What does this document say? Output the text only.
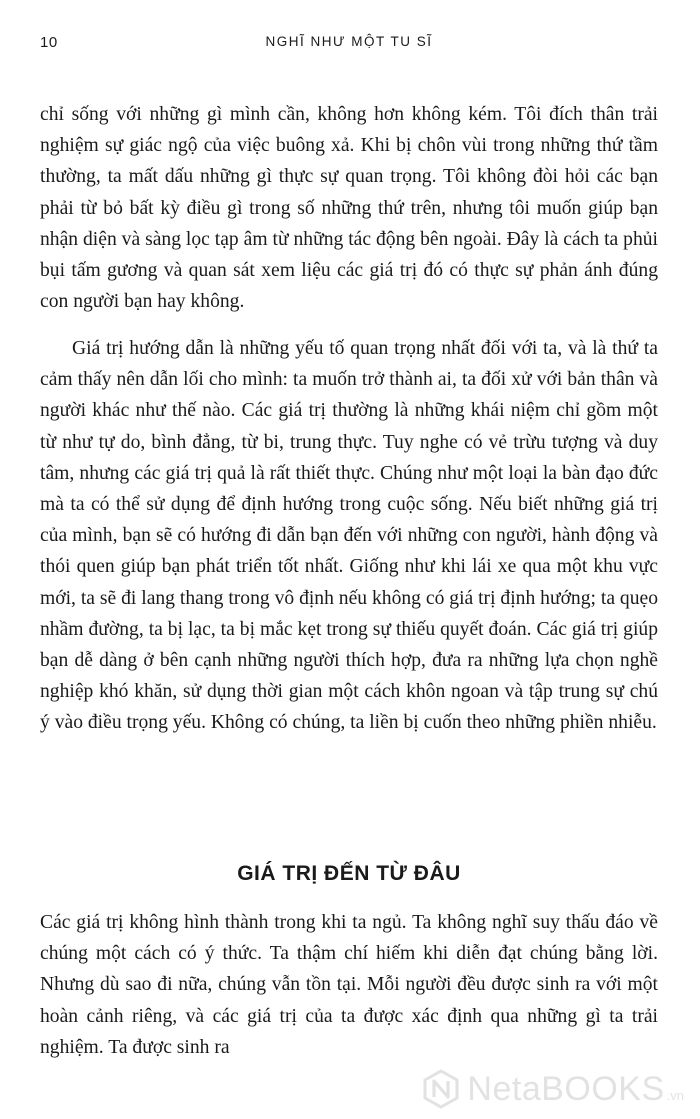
10	NGHĨ NHƯ MỘT TU SĨ

chỉ sống với những gì mình cần, không hơn không kém. Tôi đích thân trải nghiệm sự giác ngộ của việc buông xả. Khi bị chôn vùi trong những thứ tầm thường, ta mất dấu những gì thực sự quan trọng. Tôi không đòi hỏi các bạn phải từ bỏ bất kỳ điều gì trong số những thứ trên, nhưng tôi muốn giúp bạn nhận diện và sàng lọc tạp âm từ những tác động bên ngoài. Đây là cách ta phủi bụi tấm gương và quan sát xem liệu các giá trị đó có thực sự phản ánh đúng con người bạn hay không.

Giá trị hướng dẫn là những yếu tố quan trọng nhất đối với ta, và là thứ ta cảm thấy nên dẫn lối cho mình: ta muốn trở thành ai, ta đối xử với bản thân và người khác như thế nào. Các giá trị thường là những khái niệm chỉ gồm một từ như tự do, bình đẳng, từ bi, trung thực. Tuy nghe có vẻ trừu tượng và duy tâm, nhưng các giá trị quả là rất thiết thực. Chúng như một loại la bàn đạo đức mà ta có thể sử dụng để định hướng trong cuộc sống. Nếu biết những giá trị của mình, bạn sẽ có hướng đi dẫn bạn đến với những con người, hành động và thói quen giúp bạn phát triển tốt nhất. Giống như khi lái xe qua một khu vực mới, ta sẽ đi lang thang trong vô định nếu không có giá trị định hướng; ta quẹo nhầm đường, ta bị lạc, ta bị mắc kẹt trong sự thiếu quyết đoán. Các giá trị giúp bạn dễ dàng ở bên cạnh những người thích hợp, đưa ra những lựa chọn nghề nghiệp khó khăn, sử dụng thời gian một cách khôn ngoan và tập trung sự chú ý vào điều trọng yếu. Không có chúng, ta liền bị cuốn theo những phiền nhiễu.

GIÁ TRỊ ĐẾN TỪ ĐÂU

Các giá trị không hình thành trong khi ta ngủ. Ta không nghĩ suy thấu đáo về chúng một cách có ý thức. Ta thậm chí hiếm khi diễn đạt chúng bằng lời. Nhưng dù sao đi nữa, chúng vẫn tồn tại. Mỗi người đều được sinh ra với một hoàn cảnh riêng, và các giá trị của ta được xác định qua những gì ta trải nghiệm. Ta được sinh ra

NetaBOOKS .vn
